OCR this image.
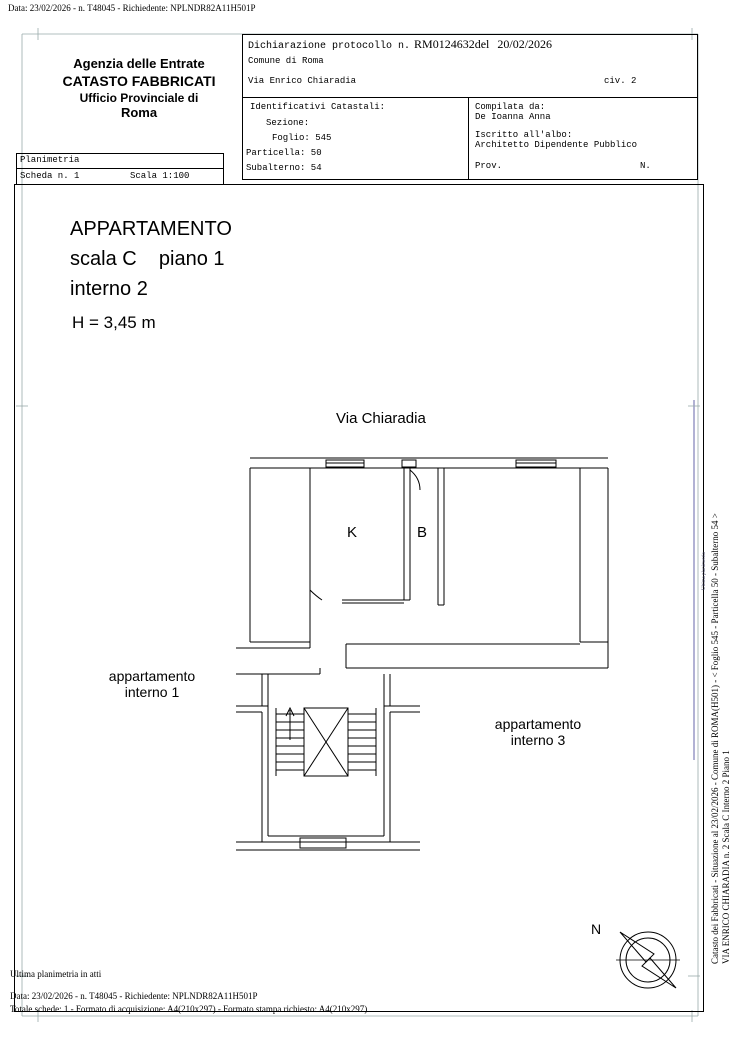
Data: 23/02/2026 - n. T48045 - Richiedente: NPLNDR82A11H501P
Agenzia delle Entrate
CATASTO FABBRICATI
Ufficio Provinciale di
Roma
Dichiarazione protocollo n. RM0124632del 20/02/2026
Comune di Roma
Via Enrico Chiaradia	civ. 2
Identificativi Catastali:
Sezione:
Foglio: 545
Particella: 50
Subalterno: 54
Compilata da:
De Ioanna Anna
Iscritto all'albo:
Architetto Dipendente Pubblico
Prov.	N.
Planimetria
Scheda n. 1	Scala 1:100
APPARTAMENTO
scala C    piano 1
interno 2
H = 3,45 m
Via Chiaradia
K	B
appartamento
interno 1
appartamento
interno 3
N
Ultima planimetria in atti
Data: 23/02/2026 - n. T48045 - Richiedente: NPLNDR82A11H501P
Totale schede: 1 - Formato di acquisizione: A4(210x297) - Formato stampa richiesto: A4(210x297)
Catasto dei Fabbricati - Situazione al 23/02/2026 - Comune di ROMA(H501) - < Foglio 545 - Particella 50 - Subalterno 54 > VIA ENRICO CHIARADIA n. 2 Scala C Interno 2 Piano 1
Ultima planimetria
